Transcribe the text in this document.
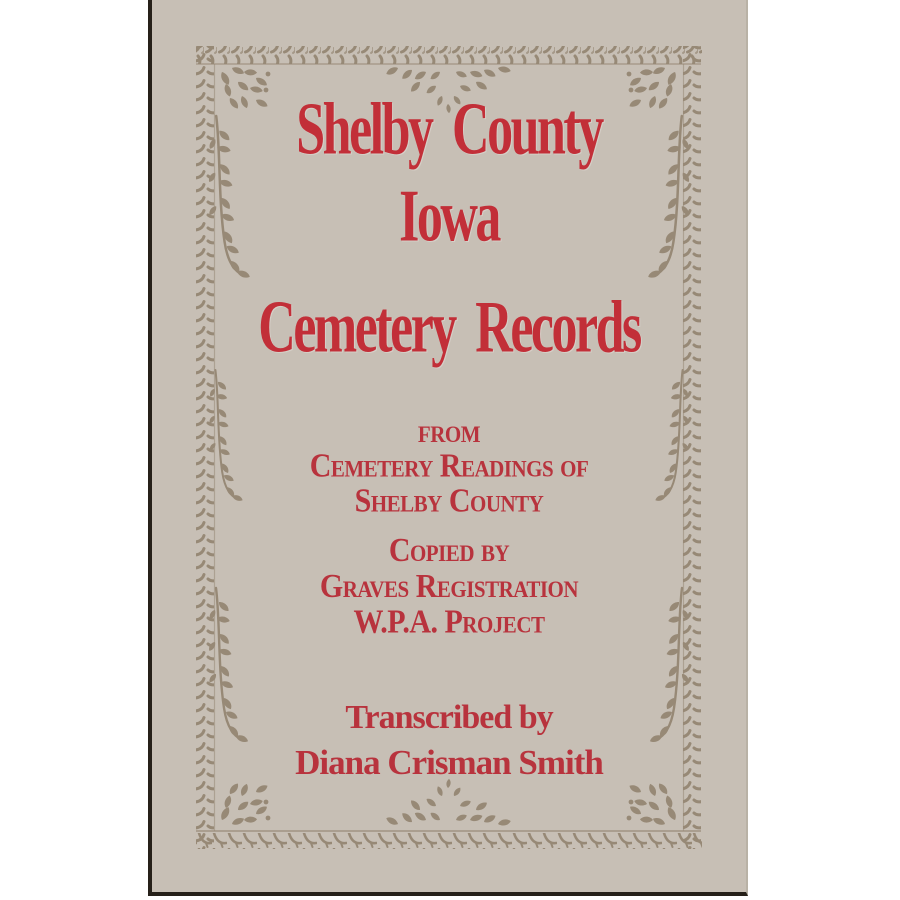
Shelby County
Iowa
Cemetery Records
from
Cemetery Readings of
Shelby County
Copied by
Graves Registration
W.P.A. Project
Transcribed by
Diana Crisman Smith
